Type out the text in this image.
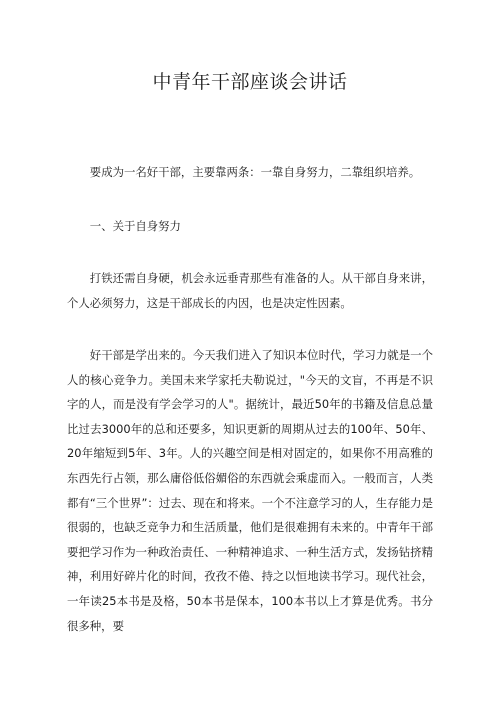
中青年干部座谈会讲话

要成为一名好干部，主要靠两条：一靠自身努力，二靠组织培养。

一、关于自身努力

打铁还需自身硬，机会永远垂青那些有准备的人。从干部自身来讲，个人必须努力，这是干部成长的内因，也是决定性因素。

好干部是学出来的。今天我们进入了知识本位时代，学习力就是一个人的核心竞争力。美国未来学家托夫勒说过，"今天的文盲，不再是不识字的人，而是没有学会学习的人"。据统计，最近50年的书籍及信息总量比过去3000年的总和还要多，知识更新的周期从过去的100年、50年、20年缩短到5年、3年。人的兴趣空间是相对固定的，如果你不用高雅的东西先行占领，那么庸俗低俗媚俗的东西就会乘虚而入。一般而言，人类都有“三个世界”：过去、现在和将来。一个不注意学习的人，生存能力是很弱的，也缺乏竞争力和生活质量，他们是很难拥有未来的。中青年干部要把学习作为一种政治责任、一种精神追求、一种生活方式，发扬钻挤精神，利用好碎片化的时间，孜孜不倦、持之以恒地读书学习。现代社会，一年读25本书是及格，50本书是保本，100本书以上才算是优秀。书分很多种，要
